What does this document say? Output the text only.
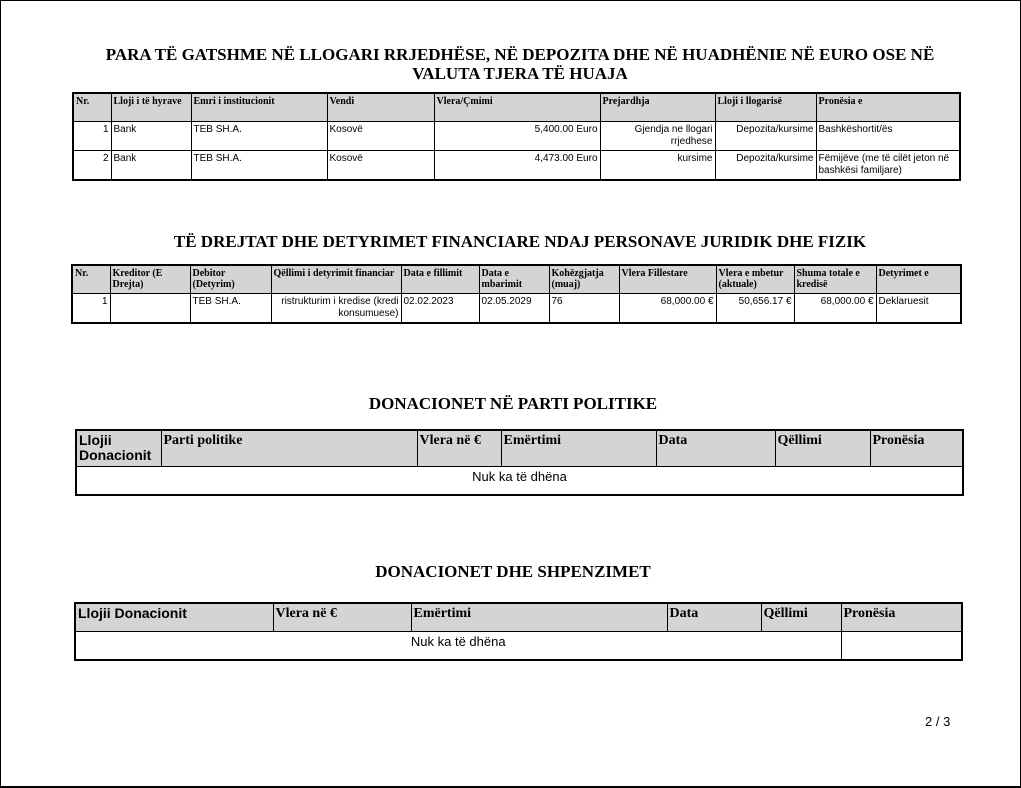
PARA TË GATSHME NË LLOGARI RRJEDHËSE, NË DEPOZITA DHE NË HUADHËNIE NË EURO OSE NË
VALUTA TJERA TË HUAJA
Nr.	Lloji i të hyrave	Emri i institucionit	Vendi	Vlera/Çmimi	Prejardhja	Lloji i llogarisë	Pronësia e
1	Bank	TEB SH.A.	Kosovë	5,400.00 Euro	Gjendja ne llogari rrjedhese	Depozita/kursime	Bashkëshortit/ës
2	Bank	TEB SH.A.	Kosovë	4,473.00 Euro	kursime	Depozita/kursime	Fëmijëve (me të cilët jeton në bashkësi familjare)
TË DREJTAT DHE DETYRIMET FINANCIARE NDAJ PERSONAVE JURIDIK DHE FIZIK
Nr.	Kreditor (E Drejta)	Debitor (Detyrim)	Qëllimi i detyrimit financiar	Data e fillimit	Data e mbarimit	Kohëzgjatja (muaj)	Vlera Fillestare	Vlera e mbetur (aktuale)	Shuma totale e kredisë	Detyrimet e
1		TEB SH.A.	ristrukturim i kredise (kredi konsumuese)	02.02.2023	02.05.2029	76	68,000.00 €	50,656.17 €	68,000.00 €	Deklaruesit
DONACIONET NË PARTI POLITIKE
Llojii Donacionit	Parti politike	Vlera në €	Emërtimi	Data	Qëllimi	Pronësia
Nuk ka të dhëna
DONACIONET DHE SHPENZIMET
Llojii Donacionit	Vlera në €	Emërtimi	Data	Qëllimi	Pronësia
Nuk ka të dhëna					
2 / 3
